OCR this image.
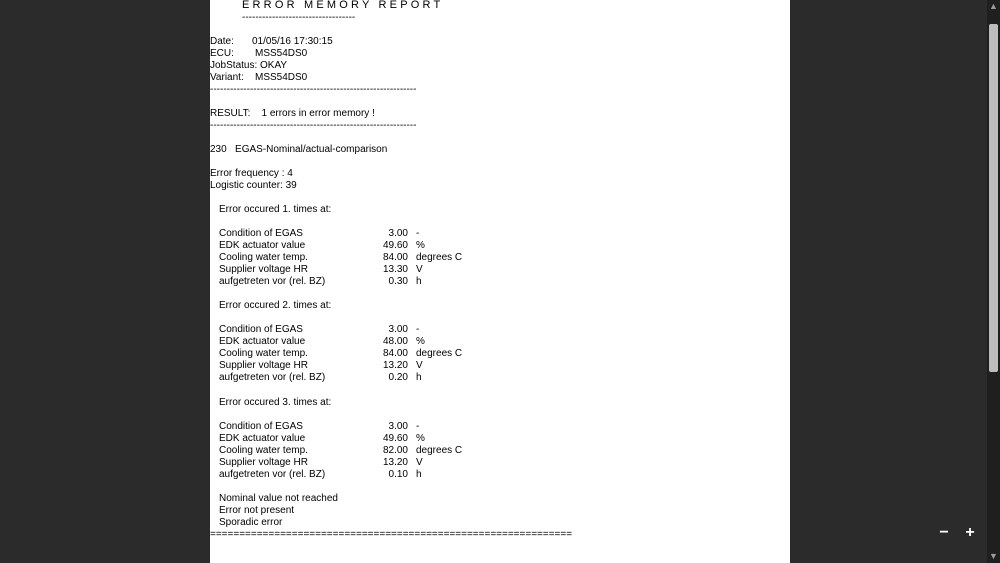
ERROR MEMORY REPORT
----------------------------------
Date: 01/05/16 17:30:15
ECU: MSS54DS0
JobStatus: OKAY
Variant: MSS54DS0
--------------------------------------------------------------
RESULT:    1 errors in error memory !
--------------------------------------------------------------
230   EGAS-Nominal/actual-comparison
Error frequency : 4
Logistic counter: 39
Error occured 1. times at:
Condition of EGAS	3.00 -
EDK actuator value	49.60 %
Cooling water temp.	84.00 degrees C
Supplier voltage HR	13.30 V
aufgetreten vor (rel. BZ)	0.30 h
Error occured 2. times at:
Condition of EGAS	3.00 -
EDK actuator value	48.00 %
Cooling water temp.	84.00 degrees C
Supplier voltage HR	13.20 V
aufgetreten vor (rel. BZ)	0.20 h
Error occured 3. times at:
Condition of EGAS	3.00 -
EDK actuator value	49.60 %
Cooling water temp.	82.00 degrees C
Supplier voltage HR	13.20 V
aufgetreten vor (rel. BZ)	0.10 h
Nominal value not reached
Error not present
Sporadic error
==============================================================	− +
▲
▼
